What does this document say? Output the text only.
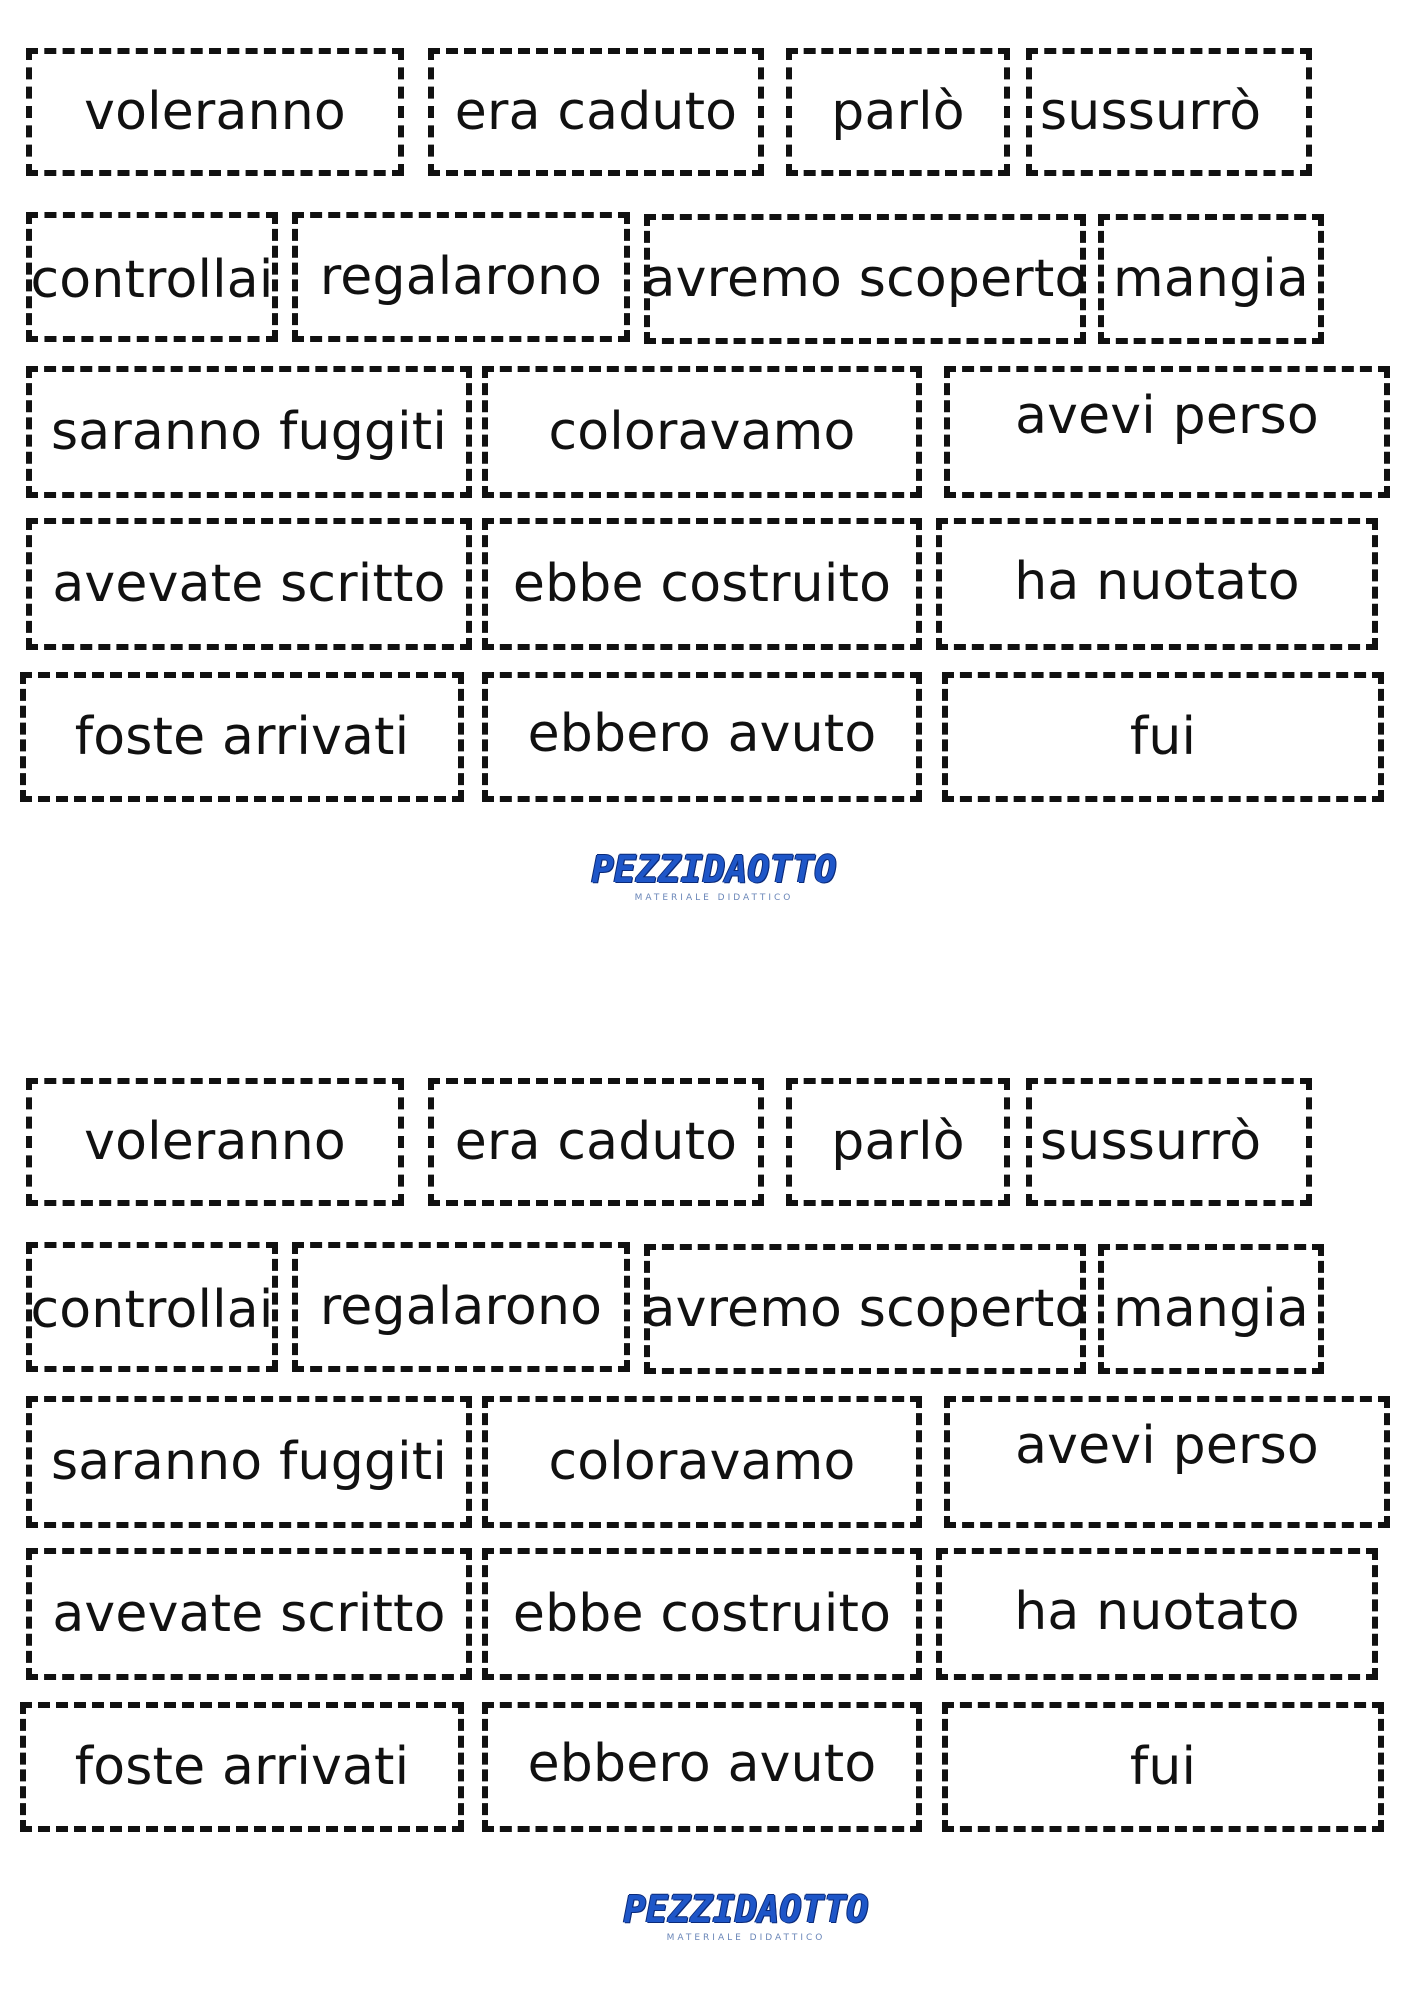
voleranno era caduto parlò sussurrò
controllai regalarono avremo scoperto mangia
saranno fuggiti coloravamo	avevi perso
avevate scritto ebbe costruito ha nuotato
foste arrivati ebbero avuto	fui
PEZZIDAOTTO
MATERIALE DIDATTICO
voleranno era caduto parlò sussurrò
controllai regalarono avremo scoperto mangia
saranno fuggiti coloravamo	avevi perso
avevate scritto ebbe costruito ha nuotato
foste arrivati ebbero avuto	fui
PEZZIDAOTTO
MATERIALE DIDATTICO
